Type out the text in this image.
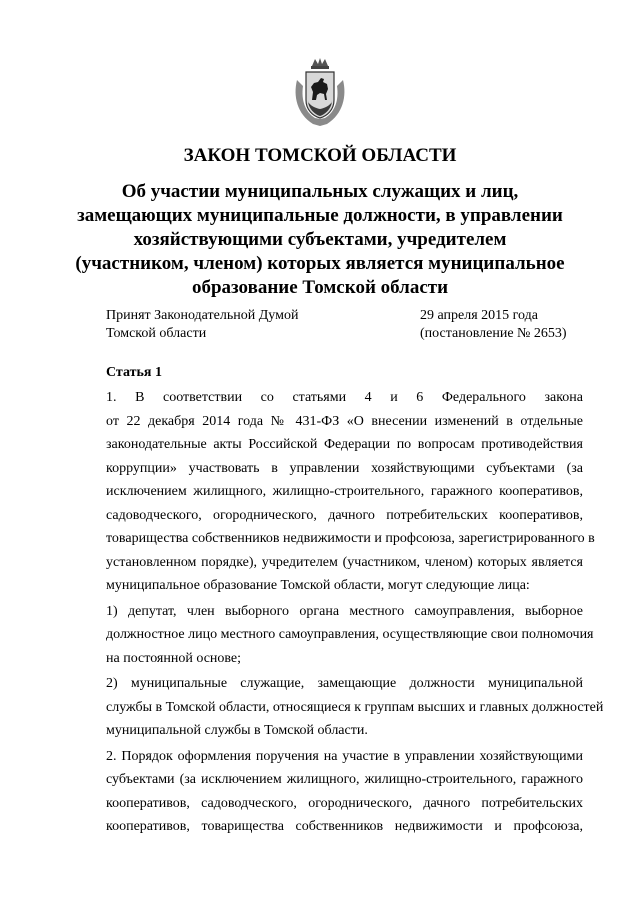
ЗАКОН ТОМСКОЙ ОБЛАСТИ
Об участии муниципальных служащих и лиц,
замещающих муниципальные должности, в управлении
хозяйствующими субъектами, учредителем
(участником, членом) которых является муниципальное
образование Томской области
Принят Законодательной Думой
Томской области
29 апреля 2015 года
(постановление № 2653)
Статья 1
1. В соответствии со статьями 4 и 6 Федерального закона
от 22 декабря 2014 года № 431-ФЗ «О внесении изменений в отдельные
законодательные акты Российской Федерации по вопросам противодействия
коррупции» участвовать в управлении хозяйствующими субъектами (за
исключением жилищного, жилищно-строительного, гаражного кооперативов,
садоводческого, огороднического, дачного потребительских кооперативов,
товарищества собственников недвижимости и профсоюза, зарегистрированного в
установленном порядке), учредителем (участником, членом) которых является
муниципальное образование Томской области, могут следующие лица:
1) депутат, член выборного органа местного самоуправления, выборное
должностное лицо местного самоуправления, осуществляющие свои полномочия
на постоянной основе;
2) муниципальные служащие, замещающие должности муниципальной
службы в Томской области, относящиеся к группам высших и главных должностей
муниципальной службы в Томской области.
2. Порядок оформления поручения на участие в управлении хозяйствующими
субъектами (за исключением жилищного, жилищно-строительного, гаражного
кооперативов, садоводческого, огороднического, дачного потребительских
кооперативов, товарищества собственников недвижимости и профсоюза,
